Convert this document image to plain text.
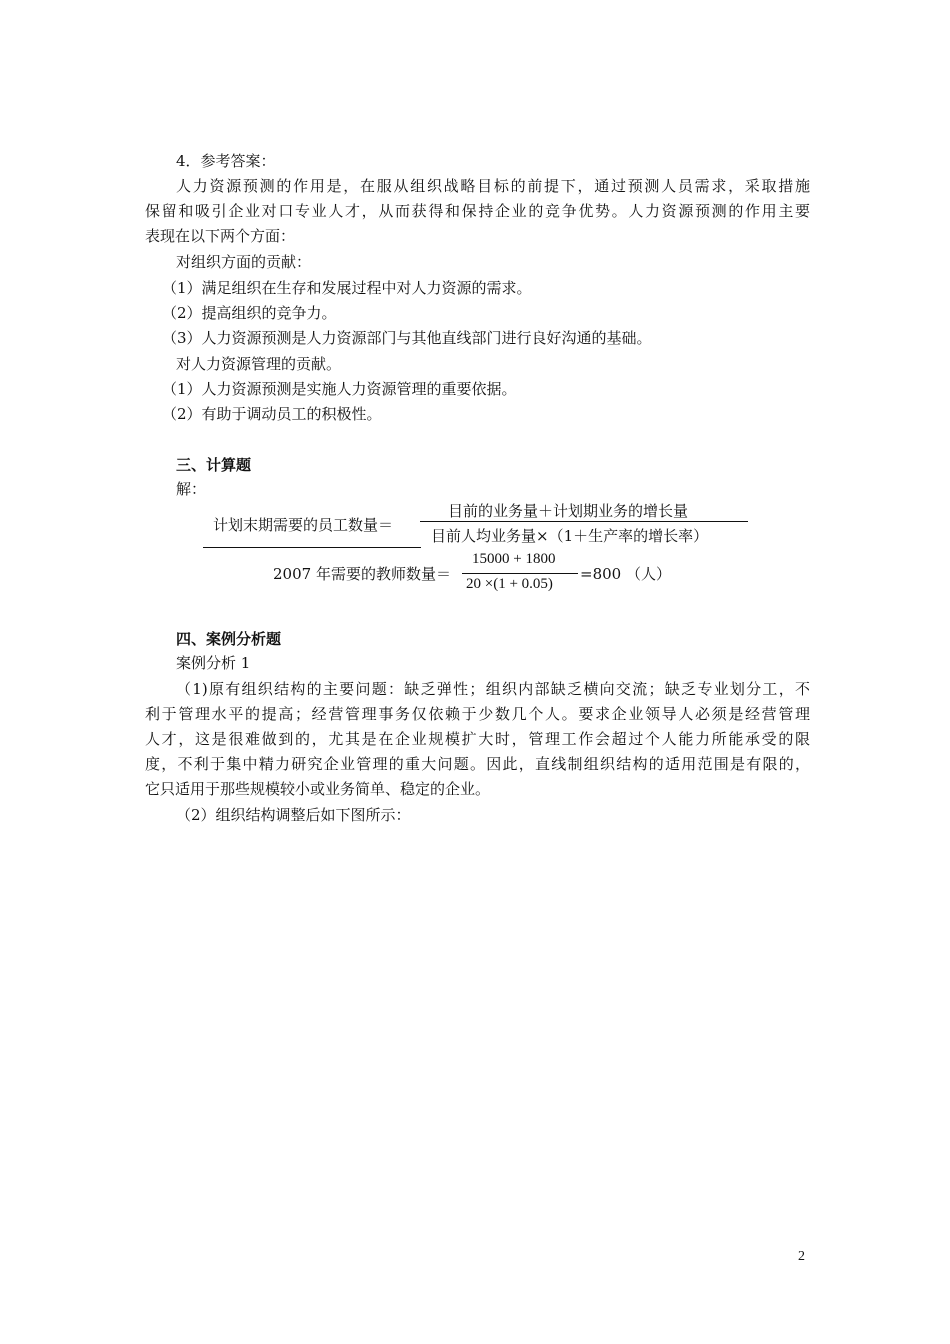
4．参考答案：
人力资源预测的作用是，在服从组织战略目标的前提下，通过预测人员需求，采取措施
保留和吸引企业对口专业人才，从而获得和保持企业的竞争优势。人力资源预测的作用主要
表现在以下两个方面：
对组织方面的贡献：
（1）满足组织在生存和发展过程中对人力资源的需求。
（2）提高组织的竞争力。
（3）人力资源预测是人力资源部门与其他直线部门进行良好沟通的基础。
对人力资源管理的贡献。
（1）人力资源预测是实施人力资源管理的重要依据。
（2）有助于调动员工的积极性。
三、计算题
解：
计划末期需要的员工数量＝
目前的业务量＋计划期业务的增长量
目前人均业务量×（1＋生产率的增长率）
2007 年需要的教师数量＝
15000 + 1800
20 ×(1 + 0.05)
=800 （人）
四、案例分析题
案例分析 1
（1)原有组织结构的主要问题：缺乏弹性；组织内部缺乏横向交流；缺乏专业划分工，不
利于管理水平的提高；经营管理事务仅依赖于少数几个人。要求企业领导人必须是经营管理
人才，这是很难做到的，尤其是在企业规模扩大时，管理工作会超过个人能力所能承受的限
度，不利于集中精力研究企业管理的重大问题。因此，直线制组织结构的适用范围是有限的，
它只适用于那些规模较小或业务简单、稳定的企业。
（2）组织结构调整后如下图所示：
2
